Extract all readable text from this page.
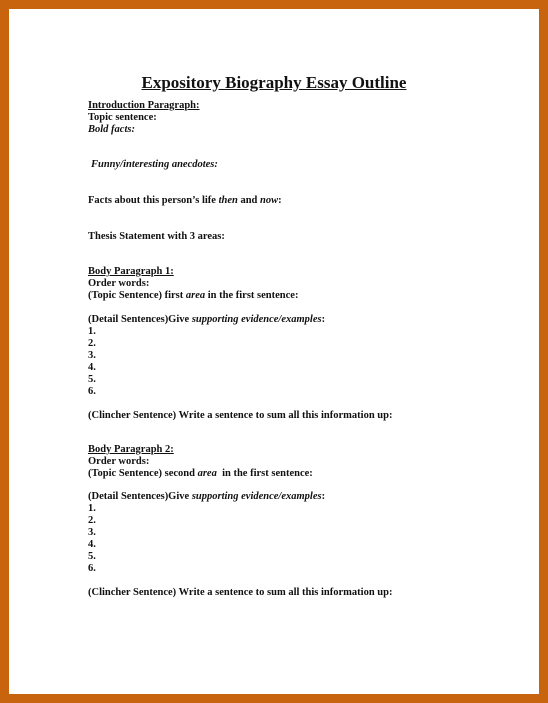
Expository Biography Essay Outline
Introduction Paragraph:
Topic sentence:
Bold facts:
Funny/interesting anecdotes:
Facts about this person’s life then and now:
Thesis Statement with 3 areas:
Body Paragraph 1:
Order words:
(Topic Sentence) first area in the first sentence:
(Detail Sentences)Give supporting evidence/examples:
1.
2.
3.
4.
5.
6.
(Clincher Sentence) Write a sentence to sum all this information up:
Body Paragraph 2:
Order words:
(Topic Sentence) second area  in the first sentence:
(Detail Sentences)Give supporting evidence/examples:
1.
2.
3.
4.
5.
6.
(Clincher Sentence) Write a sentence to sum all this information up:
